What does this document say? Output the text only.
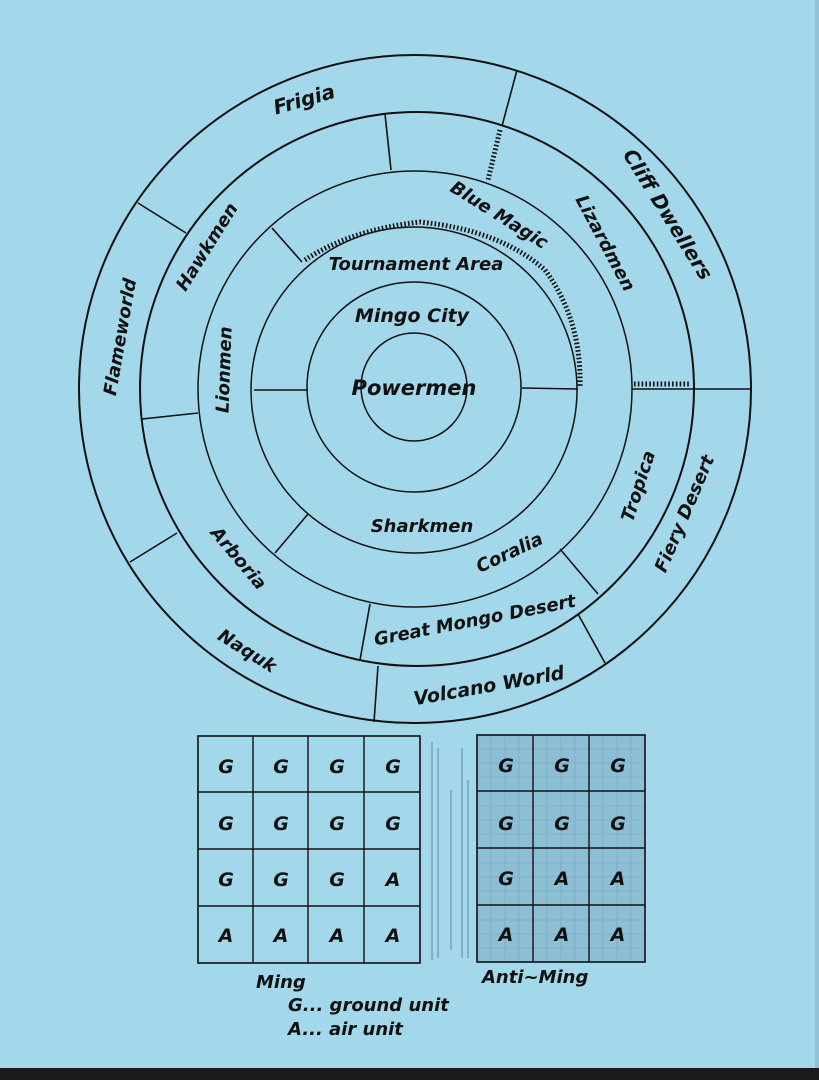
Powermen
Mingo City
Tournament Area
Blue Magic
Lionmen
Sharkmen
Hawkmen	Lizardmen
Tropica
Coralia
Great Mongo Desert
Arboria
Frigia
Cliff Dwellers
Fiery Desert
Volcano World
Naquk
Flameworld
G G G G
G G G G
G G G A
A A A A
G G G
G G G
G A A
A A A
Ming	Anti~Ming
G... ground unit
A... air unit
